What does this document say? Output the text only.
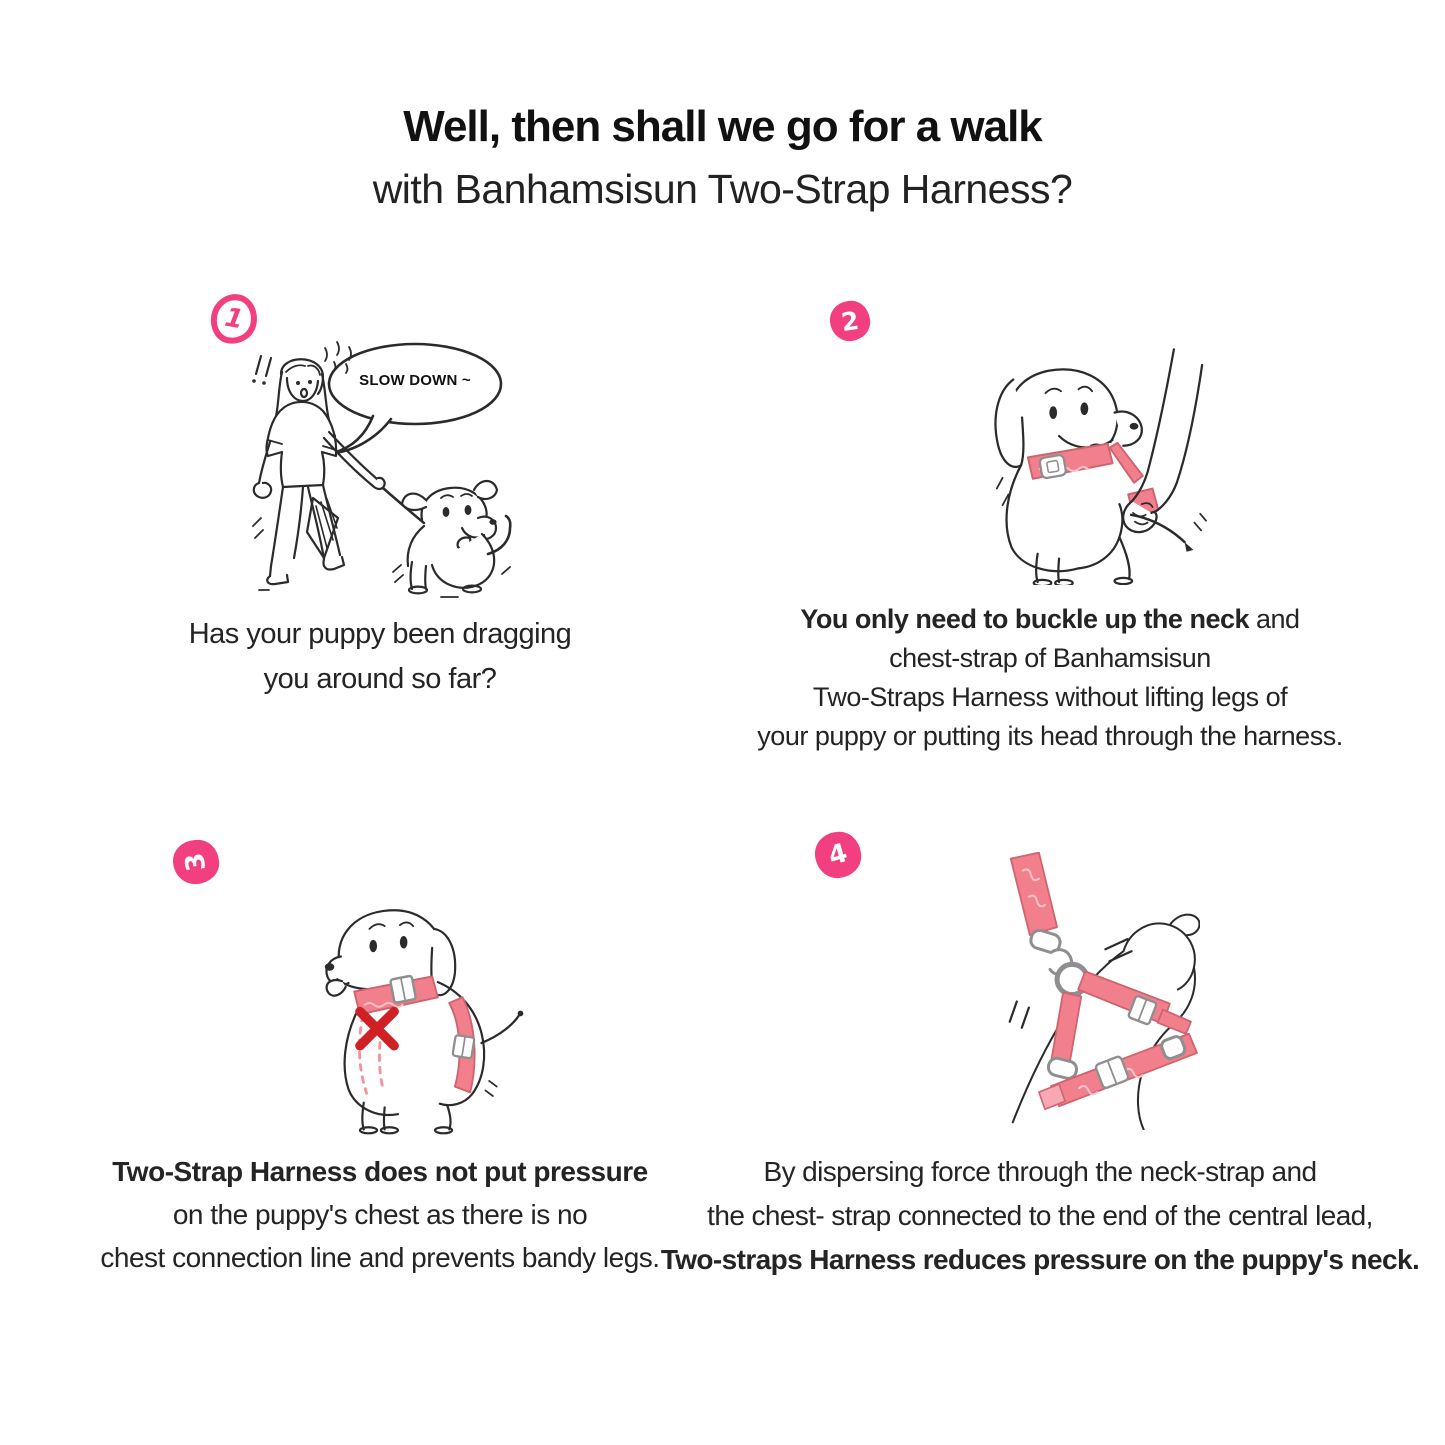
Well, then shall we go for a walk
with Banhamsisun Two-Strap Harness?
1
SLOW DOWN ~
Has your puppy been dragging
you around so far?
2
You only need to buckle up the neck and
chest-strap of Banhamsisun
Two-Straps Harness without lifting legs of
your puppy or putting its head through the harness.
3
Two-Strap Harness does not put pressure
on the puppy's chest as there is no
chest connection line and prevents bandy legs.
4
By dispersing force through the neck-strap and
the chest- strap connected to the end of the central lead,
Two-straps Harness reduces pressure on the puppy's neck.
